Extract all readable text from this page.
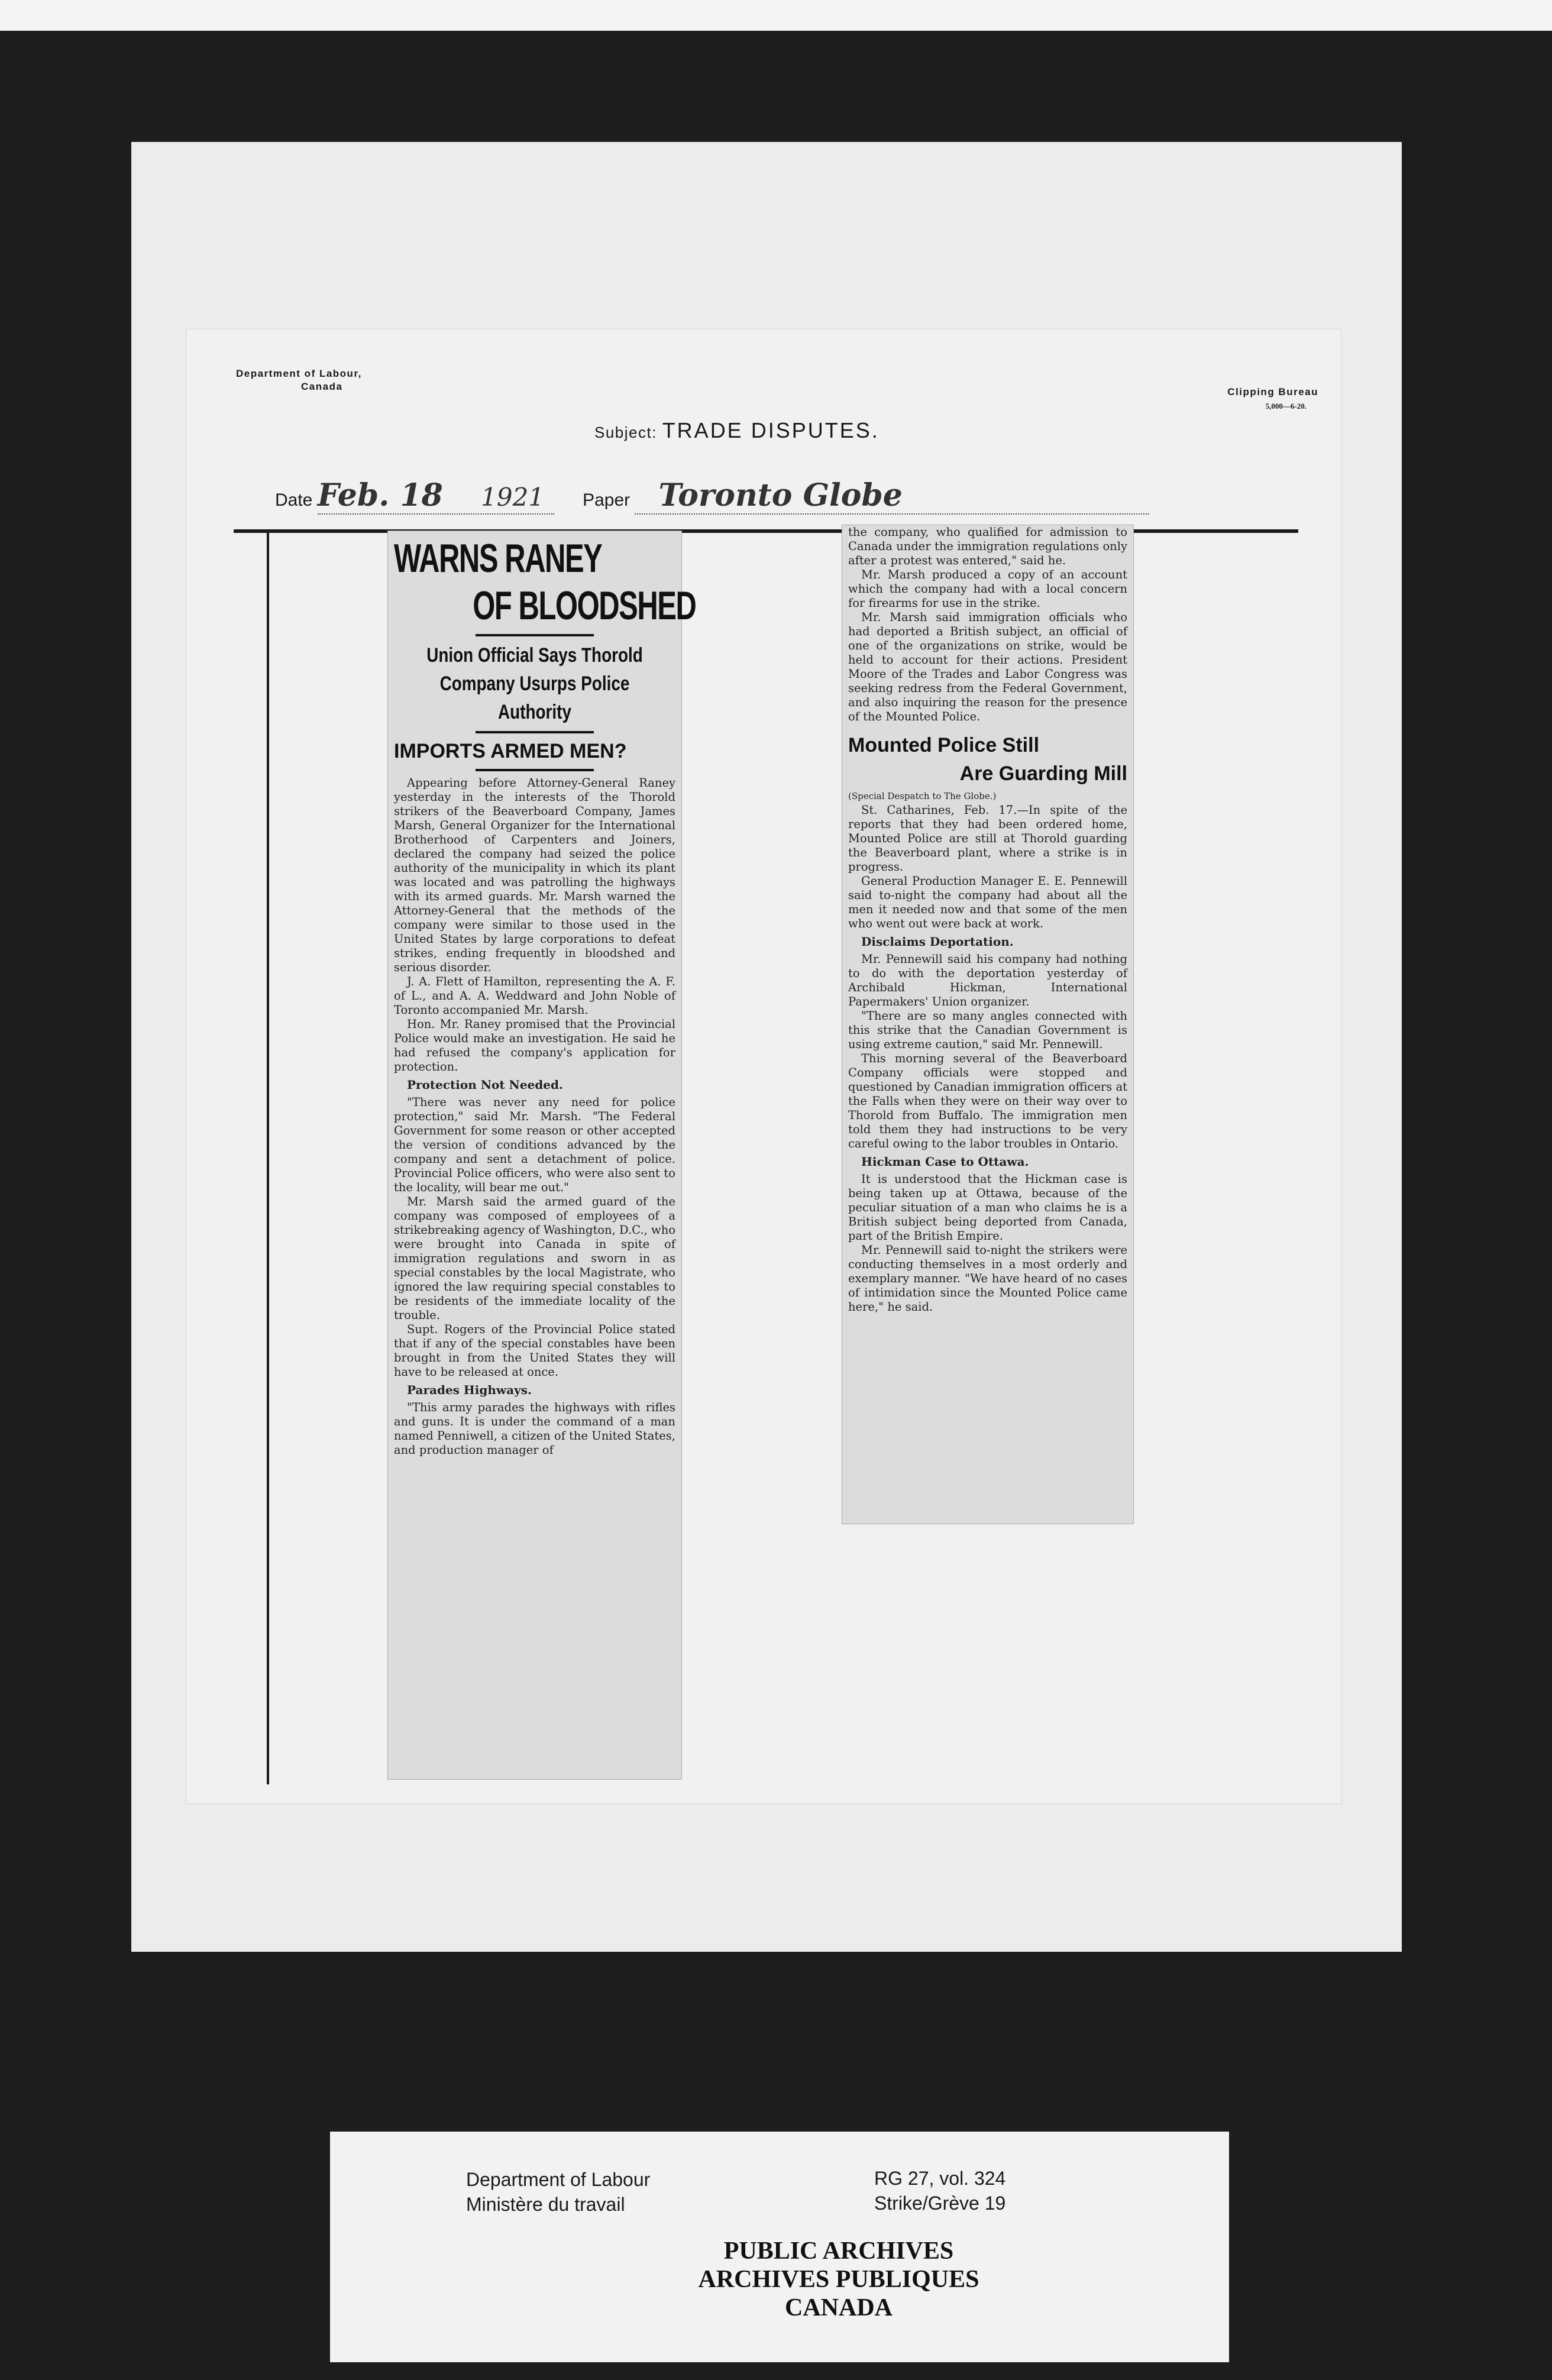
Department of Labour,
Canada	Clipping Bureau
5,000—6-20.
Subject: TRADE DISPUTES.
Date Feb. 18 1921 Paper Toronto Globe
WARNS RANEY
OF BLOODSHED
Union Official Says Thorold Company Usurps Police Authority
IMPORTS ARMED MEN?

Appearing before Attorney-General Raney yesterday in the interests of the Thorold strikers of the Beaverboard Company, James Marsh, General Organizer for the International Brotherhood of Carpenters and Joiners, declared the company had seized the police authority of the municipality in which its plant was located and was patrolling the highways with its armed guards. Mr. Marsh warned the Attorney-General that the methods of the company were similar to those used in the United States by large corporations to defeat strikes, ending frequently in bloodshed and serious disorder.

J. A. Flett of Hamilton, representing the A. F. of L., and A. A. Weddward and John Noble of Toronto accompanied Mr. Marsh.

Hon. Mr. Raney promised that the Provincial Police would make an investigation. He said he had refused the company's application for protection.

Protection Not Needed.

"There was never any need for police protection," said Mr. Marsh. "The Federal Government for some reason or other accepted the version of conditions advanced by the company and sent a detachment of police. Provincial Police officers, who were also sent to the locality, will bear me out."

Mr. Marsh said the armed guard of the company was composed of employees of a strikebreaking agency of Washington, D.C., who were brought into Canada in spite of immigration regulations and sworn in as special constables by the local Magistrate, who ignored the law requiring special constables to be residents of the immediate locality of the trouble.

Supt. Rogers of the Provincial Police stated that if any of the special constables have been brought in from the United States they will have to be released at once.

Parades Highways.

"This army parades the highways with rifles and guns. It is under the command of a man named Penniwell, a citizen of the United States, and production manager of

the company, who qualified for admission to Canada under the immigration regulations only after a protest was entered," said he.

Mr. Marsh produced a copy of an account which the company had with a local concern for firearms for use in the strike.

Mr. Marsh said immigration officials who had deported a British subject, an official of one of the organizations on strike, would be held to account for their actions. President Moore of the Trades and Labor Congress was seeking redress from the Federal Government, and also inquiring the reason for the presence of the Mounted Police.

Mounted Police Still
Are Guarding Mill

(Special Despatch to The Globe.)

St. Catharines, Feb. 17.—In spite of the reports that they had been ordered home, Mounted Police are still at Thorold guarding the Beaverboard plant, where a strike is in progress.

General Production Manager E. E. Pennewill said to-night the company had about all the men it needed now and that some of the men who went out were back at work.

Disclaims Deportation.

Mr. Pennewill said his company had nothing to do with the deportation yesterday of Archibald Hickman, International Papermakers' Union organizer.

"There are so many angles connected with this strike that the Canadian Government is using extreme caution," said Mr. Pennewill.

This morning several of the Beaverboard Company officials were stopped and questioned by Canadian immigration officers at the Falls when they were on their way over to Thorold from Buffalo. The immigration men told them they had instructions to be very careful owing to the labor troubles in Ontario.

Hickman Case to Ottawa.

It is understood that the Hickman case is being taken up at Ottawa, because of the peculiar situation of a man who claims he is a British subject being deported from Canada, part of the British Empire.

Mr. Pennewill said to-night the strikers were conducting themselves in a most orderly and exemplary manner. "We have heard of no cases of intimidation since the Mounted Police came here," he said.

Department of Labour
Ministère du travail
RG 27, vol. 324
Strike/Grève 19
PUBLIC ARCHIVES
ARCHIVES PUBLIQUES
CANADA
